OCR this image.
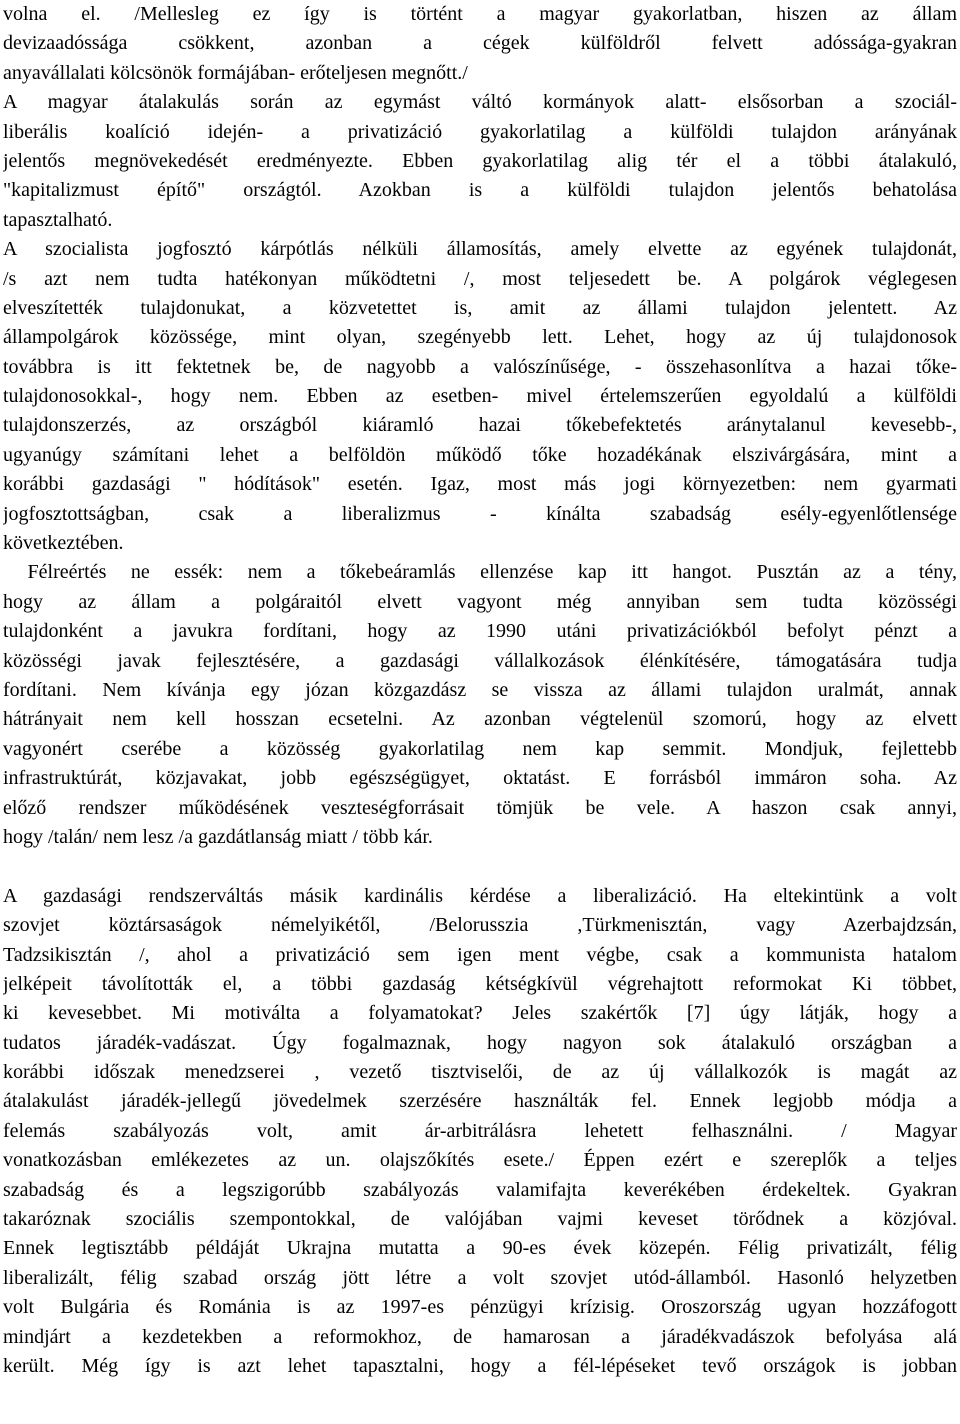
volna el. /Mellesleg ez így is történt a magyar gyakorlatban, hiszen az állam
devizaadóssága csökkent, azonban a cégek külföldről felvett adóssága-gyakran
anyavállalati kölcsönök formájában- erőteljesen megnőtt./
A magyar átalakulás során az egymást váltó kormányok alatt- elsősorban a szociál-
liberális koalíció idején- a privatizáció gyakorlatilag a külföldi tulajdon arányának
jelentős megnövekedését eredményezte. Ebben gyakorlatilag alig tér el a többi átalakuló,
"kapitalizmust építő" országtól. Azokban is a külföldi tulajdon jelentős behatolása
tapasztalható.
A szocialista jogfosztó kárpótlás nélküli államosítás, amely elvette az egyének tulajdonát,
/s azt nem tudta hatékonyan működtetni /, most teljesedett be. A polgárok véglegesen
elveszítették tulajdonukat, a közvetettet is, amit az állami tulajdon jelentett. Az
állampolgárok közössége, mint olyan, szegényebb lett. Lehet, hogy az új tulajdonosok
továbbra is itt fektetnek be, de nagyobb a valószínűsége, - összehasonlítva a hazai tőke-
tulajdonosokkal-, hogy nem. Ebben az esetben- mivel értelemszerűen egyoldalú a külföldi
tulajdonszerzés, az országból kiáramló hazai tőkebefektetés aránytalanul kevesebb-,
ugyanúgy számítani lehet a belföldön működő tőke hozadékának elszivárgására, mint a
korábbi gazdasági " hódítások" esetén. Igaz, most más jogi környezetben: nem gyarmati
jogfosztottságban, csak a liberalizmus - kínálta szabadság esély-egyenlőtlensége
következtében.
Félreértés ne essék: nem a tőkebeáramlás ellenzése kap itt hangot. Pusztán az a tény,
hogy az állam a polgáraitól elvett vagyont még annyiban sem tudta közösségi
tulajdonként a javukra fordítani, hogy az 1990 utáni privatizációkból befolyt pénzt a
közösségi javak fejlesztésére, a gazdasági vállalkozások élénkítésére, támogatására tudja
fordítani. Nem kívánja egy józan közgazdász se vissza az állami tulajdon uralmát, annak
hátrányait nem kell hosszan ecsetelni. Az azonban végtelenül szomorú, hogy az elvett
vagyonért cserébe a közösség gyakorlatilag nem kap semmit. Mondjuk, fejlettebb
infrastruktúrát, közjavakat, jobb egészségügyet, oktatást. E forrásból immáron soha. Az
előző rendszer működésének veszteségforrásait tömjük be vele. A haszon csak annyi,
hogy /talán/ nem lesz /a gazdátlanság miatt / több kár.
A gazdasági rendszerváltás másik kardinális kérdése a liberalizáció. Ha eltekintünk a volt
szovjet köztársaságok némelyikétől, /Belorusszia ,Türkmenisztán, vagy Azerbajdzsán,
Tadzsikisztán /, ahol a privatizáció sem igen ment végbe, csak a kommunista hatalom
jelképeit távolították el, a többi gazdaság kétségkívül végrehajtott reformokat Ki többet,
ki kevesebbet. Mi motiválta a folyamatokat? Jeles szakértők [7] úgy látják, hogy a
tudatos járadék-vadászat. Úgy fogalmaznak, hogy nagyon sok átalakuló országban a
korábbi időszak menedzserei , vezető tisztviselői, de az új vállalkozók is magát az
átalakulást járadék-jellegű jövedelmek szerzésére használták fel. Ennek legjobb módja a
felemás szabályozás volt, amit ár-arbitrálásra lehetett felhasználni. / Magyar
vonatkozásban emlékezetes az un. olajszőkítés esete./ Éppen ezért e szereplők a teljes
szabadság és a legszigorúbb szabályozás valamifajta keverékében érdekeltek. Gyakran
takaróznak szociális szempontokkal, de valójában vajmi keveset törődnek a közjóval.
Ennek legtisztább példáját Ukrajna mutatta a 90-es évek közepén. Félig privatizált, félig
liberalizált, félig szabad ország jött létre a volt szovjet utód-államból. Hasonló helyzetben
volt Bulgária és Románia is az 1997-es pénzügyi krízisig. Oroszország ugyan hozzáfogott
mindjárt a kezdetekben a reformokhoz, de hamarosan a járadékvadászok befolyása alá
került. Még így is azt lehet tapasztalni, hogy a fél-lépéseket tevő országok is jobban
